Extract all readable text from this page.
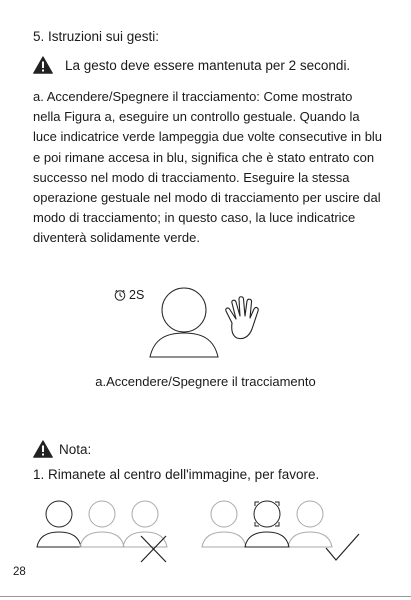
5. Istruzioni sui gesti:
La gesto deve essere mantenuta per 2 secondi.

a. Accendere/Spegnere il tracciamento: Come mostrato nella Figura a, eseguire un controllo gestuale. Quando la luce indicatrice verde lampeggia due volte consecutive in blu e poi rimane accesa in blu, significa che è stato entrato con successo nel modo di tracciamento. Eseguire la stessa operazione gestuale nel modo di tracciamento per uscire dal modo di tracciamento; in questo caso, la luce indicatrice diventerà solidamente verde.

2S
a.Accendere/Spegnere il tracciamento
Nota:
1. Rimanete al centro dell'immagine, per favore.
28
